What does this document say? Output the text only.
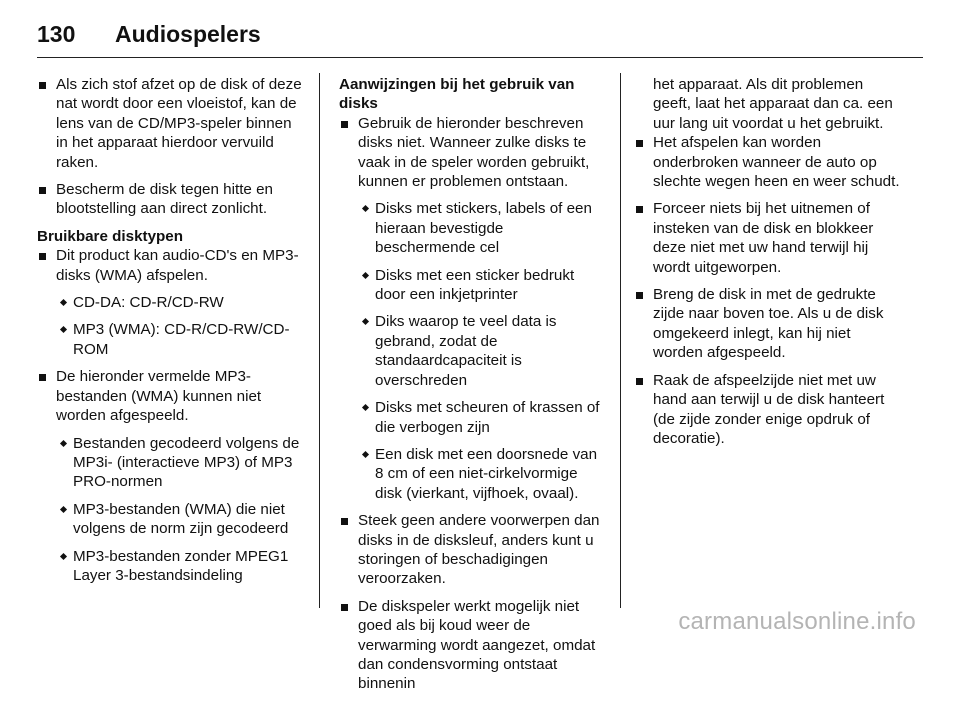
130	Audiospelers

Als zich stof afzet op de disk of deze nat wordt door een vloeistof, kan de lens van de CD/MP3-speler binnen in het apparaat hierdoor vervuild raken.

Bescherm de disk tegen hitte en blootstelling aan direct zonlicht.

Bruikbare disktypen

Dit product kan audio-CD's en MP3-disks (WMA) afspelen.

CD-DA: CD-R/CD-RW

MP3 (WMA): CD-R/CD-RW/CD-ROM

De hieronder vermelde MP3-bestanden (WMA) kunnen niet worden afgespeeld.

Bestanden gecodeerd volgens de MP3i- (interactieve MP3) of MP3 PRO-normen

MP3-bestanden (WMA) die niet volgens de norm zijn gecodeerd

MP3-bestanden zonder MPEG1 Layer 3-bestandsindeling

Aanwijzingen bij het gebruik van disks

Gebruik de hieronder beschreven disks niet. Wanneer zulke disks te vaak in de speler worden gebruikt, kunnen er problemen ontstaan.

Disks met stickers, labels of een hieraan bevestigde beschermende cel

Disks met een sticker bedrukt door een inkjetprinter

Diks waarop te veel data is gebrand, zodat de standaardcapaciteit is overschreden

Disks met scheuren of krassen of die verbogen zijn

Een disk met een doorsnede van 8 cm of een niet-cirkelvormige disk (vierkant, vijfhoek, ovaal).

Steek geen andere voorwerpen dan disks in de disksleuf, anders kunt u storingen of beschadigingen veroorzaken.

De diskspeler werkt mogelijk niet goed als bij koud weer de verwarming wordt aangezet, omdat dan condensvorming ontstaat binnenin

het apparaat. Als dit problemen geeft, laat het apparaat dan ca. een uur lang uit voordat u het gebruikt.

Het afspelen kan worden onderbroken wanneer de auto op slechte wegen heen en weer schudt.

Forceer niets bij het uitnemen of insteken van de disk en blokkeer deze niet met uw hand terwijl hij wordt uitgeworpen.

Breng de disk in met de gedrukte zijde naar boven toe. Als u de disk omgekeerd inlegt, kan hij niet worden afgespeeld.

Raak de afspeelzijde niet met uw hand aan terwijl u de disk hanteert (de zijde zonder enige opdruk of decoratie).

carmanualsonline.info
